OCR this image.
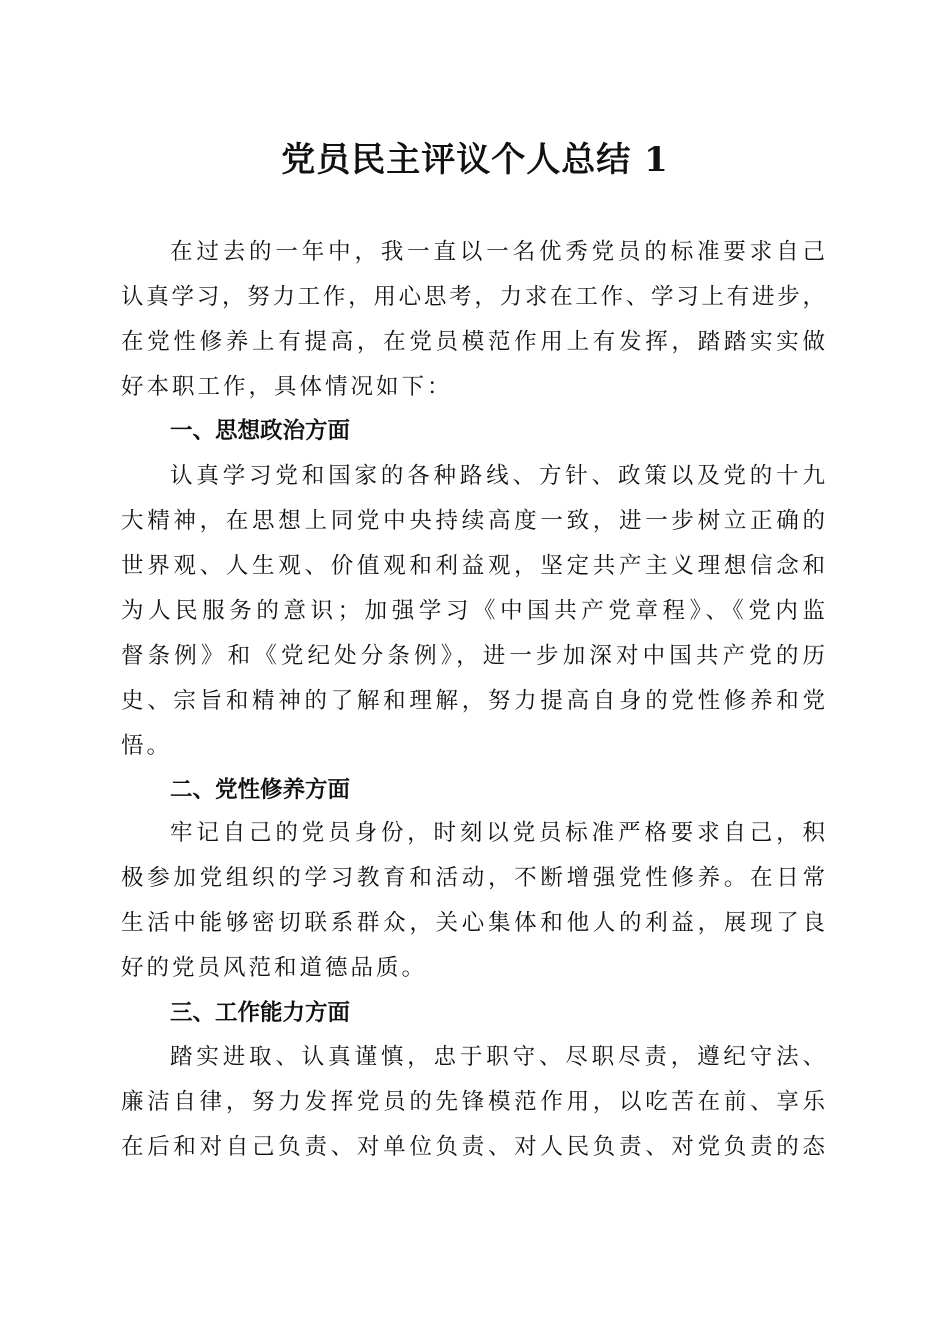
党员民主评议个人总结 1
在过去的一年中，我一直以一名优秀党员的标准要求自己
认真学习，努力工作，用心思考，力求在工作、学习上有进步，
在党性修养上有提高，在党员模范作用上有发挥，踏踏实实做
好本职工作，具体情况如下：
一、思想政治方面
认真学习党和国家的各种路线、方针、政策以及党的十九
大精神，在思想上同党中央持续高度一致，进一步树立正确的
世界观、人生观、价值观和利益观，坚定共产主义理想信念和
为人民服务的意识；加强学习《中国共产党章程》、《党内监
督条例》和《党纪处分条例》，进一步加深对中国共产党的历
史、宗旨和精神的了解和理解，努力提高自身的党性修养和党
悟。
二、党性修养方面
牢记自己的党员身份，时刻以党员标准严格要求自己，积
极参加党组织的学习教育和活动，不断增强党性修养。在日常
生活中能够密切联系群众，关心集体和他人的利益，展现了良
好的党员风范和道德品质。
三、工作能力方面
踏实进取、认真谨慎，忠于职守、尽职尽责，遵纪守法、
廉洁自律，努力发挥党员的先锋模范作用，以吃苦在前、享乐
在后和对自己负责、对单位负责、对人民负责、对党负责的态
